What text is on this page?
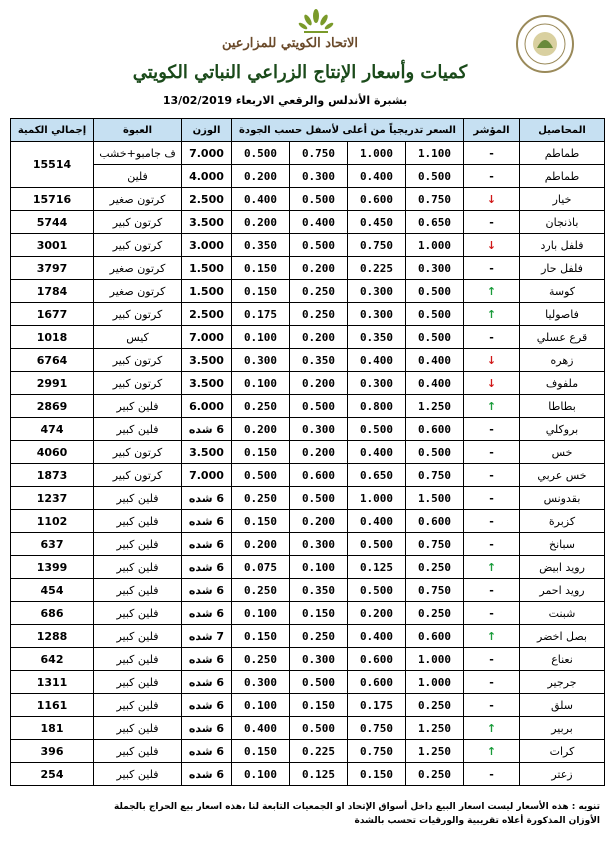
الاتحاد الكويتي للمزارعين
كميات وأسعار الإنتاج الزراعي النباتي الكويتي
بشبرة الأندلس والرقعي الاربعاء 13/02/2019
المحاصيل	المؤشر	السعر تدريجياً من أعلى لأسفل حسب الجودة				الوزن	العبوة	إجمالي الكمية
طماطم	-	1.100	1.000	0.750	0.500	7.000	ف جامبو+خشب	15514
طماطم	-	0.500	0.400	0.300	0.200	4.000	فلين	
خيار	↓	0.750	0.600	0.500	0.400	2.500	كرتون صغير	15716
باذنجان	-	0.650	0.450	0.400	0.200	3.500	كرتون كبير	5744
فلفل بارد	↓	1.000	0.750	0.500	0.350	3.000	كرتون كبير	3001
فلفل حار	-	0.300	0.225	0.200	0.150	1.500	كرتون صغير	3797
كوسة	↑	0.500	0.300	0.250	0.150	1.500	كرتون صغير	1784
فاصوليا	↑	0.500	0.300	0.250	0.175	2.500	كرتون كبير	1677
قرع عسلي	-	0.500	0.350	0.200	0.100	7.000	كيس	1018
زهره	↓	0.400	0.400	0.350	0.300	3.500	كرتون كبير	6764
ملفوف	↓	0.400	0.300	0.200	0.100	3.500	كرتون كبير	2991
بطاطا	↑	1.250	0.800	0.500	0.250	6.000	فلين كبير	2869
بروكلي	-	0.600	0.500	0.300	0.200	6 شده	فلين كبير	474
خس	-	0.500	0.400	0.200	0.150	3.500	كرتون كبير	4060
خس عربي	-	0.750	0.650	0.600	0.500	7.000	كرتون كبير	1873
بقدونس	-	1.500	1.000	0.500	0.250	6 شده	فلين كبير	1237
كزبرة	-	0.600	0.400	0.200	0.150	6 شده	فلين كبير	1102
سبانخ	-	0.750	0.500	0.300	0.200	6 شده	فلين كبير	637
رويد ابيض	↑	0.250	0.125	0.100	0.075	6 شده	فلين كبير	1399
رويد احمر	-	0.750	0.500	0.350	0.250	6 شده	فلين كبير	454
شبنت	-	0.250	0.200	0.150	0.100	6 شده	فلين كبير	686
بصل اخضر	↑	0.600	0.400	0.250	0.150	7 شده	فلين كبير	1288
نعناع	-	1.000	0.600	0.300	0.250	6 شده	فلين كبير	642
جرجير	-	1.000	0.600	0.500	0.300	6 شده	فلين كبير	1311
سلق	-	0.250	0.175	0.150	0.100	6 شده	فلين كبير	1161
بربير	↑	1.250	0.750	0.500	0.400	6 شده	فلين كبير	181
كرات	↑	1.250	0.750	0.225	0.150	6 شده	فلين كبير	396
زعتر	-	0.250	0.150	0.125	0.100	6 شده	فلين كبير	254
تنويه : هذه الأسعار ليست اسعار البيع داخل أسواق الإتحاد او الجمعيات التابعة لنا ،هذه اسعار بيع الحراج بالجملة
الأوزان المذكورة أعلاه تقريبية والورقيات تحسب بالشدة
